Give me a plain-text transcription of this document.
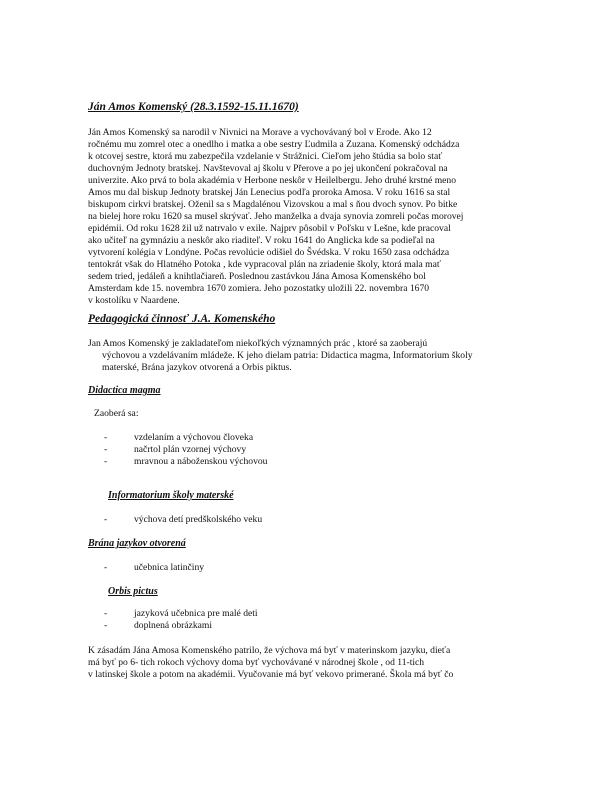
Ján Amos Komenský (28.3.1592-15.11.1670)
Ján Amos Komenský sa narodil v Nivnici na Morave a vychovávaný bol v Erode. Ako 12
ročnému mu zomrel otec a onedlho i matka a obe sestry Ľudmila a Zuzana. Komenský odchádza
k otcovej sestre, ktorá mu zabezpečila vzdelanie v Strážnici. Cieľom jeho štúdia sa bolo stať
duchovným Jednoty bratskej. Navštevoval aj školu v Přerove a po jej ukončení pokračoval na
univerzite. Ako prvá to bola akadémia v Herbone neskôr v Heilelbergu. Jeho druhé krstné meno
Amos mu dal biskup Jednoty bratskej Ján Lenecius podľa proroka Amosa. V roku 1616 sa stal
biskupom cirkvi bratskej. Oženil sa s Magdalénou Vizovskou a mal s ňou dvoch synov. Po bitke
na bielej hore roku 1620 sa musel skrývať. Jeho manželka a dvaja synovia zomreli počas morovej
epidémii. Od roku 1628 žil už natrvalo v exile. Najprv pôsobil v Poľsku v Lešne, kde pracoval
ako učiteľ na gymnáziu a neskôr ako riaditeľ. V roku 1641 do Anglicka kde sa podieľal na
vytvorení kolégia v Londýne. Počas revolúcie odišiel do Švédska. V roku 1650 zasa odchádza
tentokrát však do Hlatného Potoka , kde vypracoval plán na zriadenie školy, ktorá mala mať
sedem tried, jedáleň a knihtlačiareň. Poslednou zastávkou Jána Amosa Komenského bol
Amsterdam kde 15. novembra 1670 zomiera. Jeho pozostatky uložili 22. novembra 1670
v kostolíku v Naardene.
Pedagogická činnosť J.A. Komenského
Jan Amos Komenský je zakladateľom niekoľkých významných prác , ktoré sa zaoberajú
výchovou a vzdelávaním mládeže. K jeho dielam patria: Didactica magma, Informatorium školy
materské, Brána jazykov otvorená a Orbis piktus.
Didactica magma

Zaoberá sa:

- vzdelaním a výchovou človeka
- načrtol plán vzornej výchovy
- mravnou a náboženskou výchovou
Informatorium školy materské
- výchova detí predškolského veku
Brána jazykov otvorená
- učebnica latinčiny
Orbis pictus
- jazyková učebnica pre malé deti
- doplnená obrázkami
K zásadám Jána Amosa Komenského patrilo, že výchova má byť v materinskom jazyku, dieťa
má byť po 6- tich rokoch výchovy doma byť vychovávané v národnej škole , od 11-tich
v latinskej škole a potom na akadémii. Vyučovanie má byť vekovo primerané. Škola má byť čo
